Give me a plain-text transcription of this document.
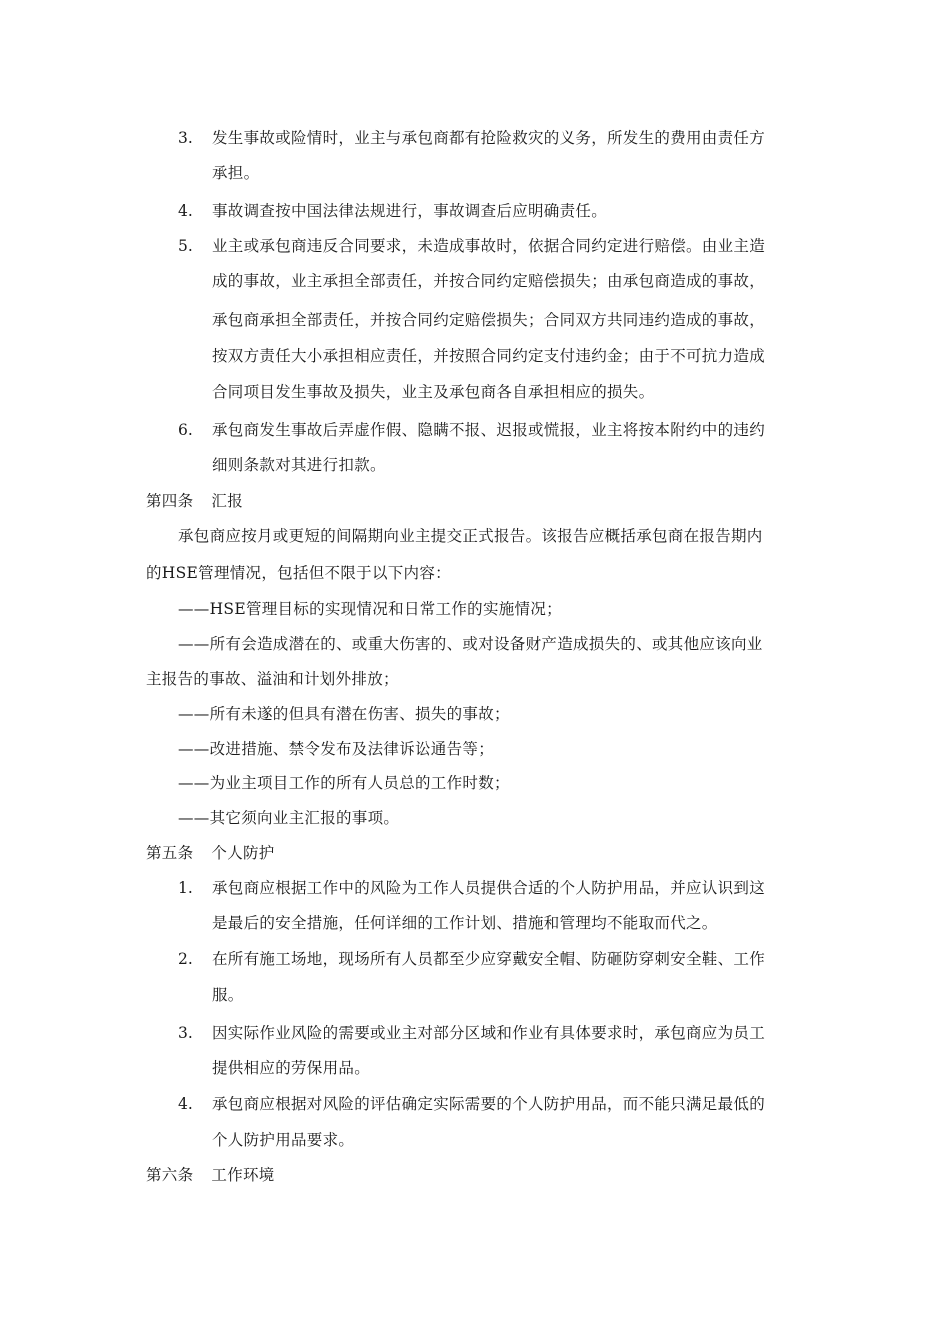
3. 发生事故或险情时，业主与承包商都有抢险救灾的义务，所发生的费用由责任方
承担。
4. 事故调查按中国法律法规进行，事故调查后应明确责任。
5. 业主或承包商违反合同要求，未造成事故时，依据合同约定进行赔偿。由业主造
成的事故，业主承担全部责任，并按合同约定赔偿损失；由承包商造成的事故，
承包商承担全部责任，并按合同约定赔偿损失；合同双方共同违约造成的事故，
按双方责任大小承担相应责任，并按照合同约定支付违约金；由于不可抗力造成
合同项目发生事故及损失，业主及承包商各自承担相应的损失。
6. 承包商发生事故后弄虚作假、隐瞒不报、迟报或慌报，业主将按本附约中的违约
细则条款对其进行扣款。
第四条 汇报
承包商应按月或更短的间隔期向业主提交正式报告。该报告应概括承包商在报告期内
的HSE管理情况，包括但不限于以下内容：
——HSE管理目标的实现情况和日常工作的实施情况；
——所有会造成潜在的、或重大伤害的、或对设备财产造成损失的、或其他应该向业
主报告的事故、溢油和计划外排放；
——所有未遂的但具有潜在伤害、损失的事故；
——改进措施、禁令发布及法律诉讼通告等；
——为业主项目工作的所有人员总的工作时数；
——其它须向业主汇报的事项。
第五条 个人防护
1. 承包商应根据工作中的风险为工作人员提供合适的个人防护用品，并应认识到这
是最后的安全措施，任何详细的工作计划、措施和管理均不能取而代之。
2. 在所有施工场地，现场所有人员都至少应穿戴安全帽、防砸防穿刺安全鞋、工作
服。
3. 因实际作业风险的需要或业主对部分区域和作业有具体要求时，承包商应为员工
提供相应的劳保用品。
4. 承包商应根据对风险的评估确定实际需要的个人防护用品，而不能只满足最低的
个人防护用品要求。
第六条 工作环境
